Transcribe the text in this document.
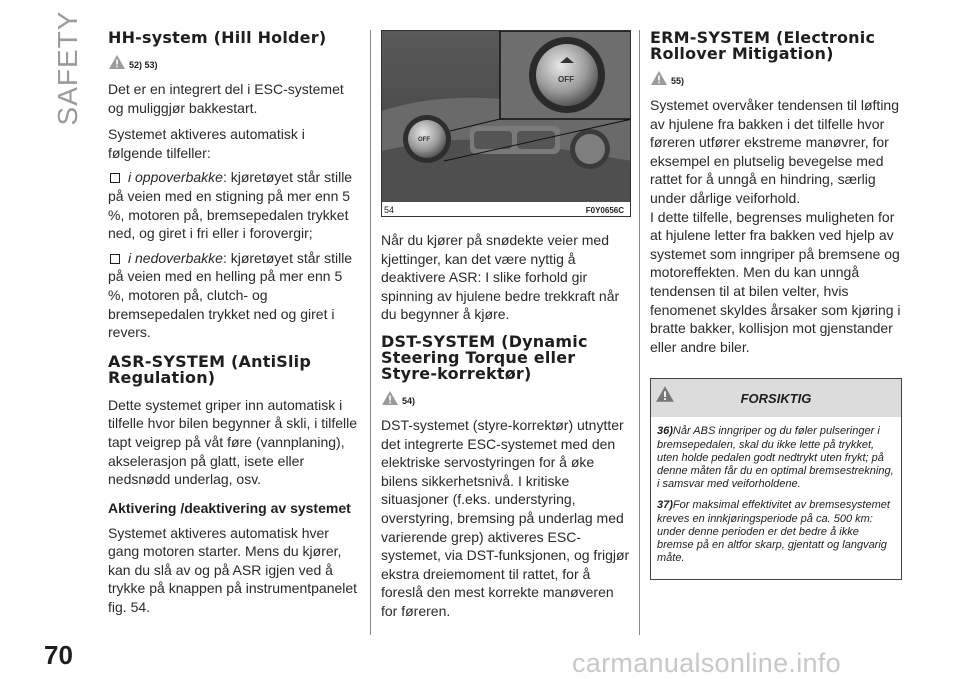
SAFETY
70	carmanualsonline.info
HH-system (Hill Holder)
52) 53)

Det er en integrert del i ESC-systemet og muliggjør bakkestart.

Systemet aktiveres automatisk i følgende tilfeller:

i oppoverbakke: kjøretøyet står stille på veien med en stigning på mer enn 5 %, motoren på, bremsepedalen trykket ned, og giret i fri eller i forovergir;

i nedoverbakke: kjøretøyet står stille på veien med en helling på mer enn 5 %, motoren på, clutch- og bremsepedalen trykket ned og giret i revers.

ASR-SYSTEM (AntiSlip
Regulation)

Dette systemet griper inn automatisk i tilfelle hvor bilen begynner å skli, i tilfelle tapt veigrep på våt føre (vannplaning), akselerasjon på glatt, isete eller nedsnødd underlag, osv.

Aktivering /deaktivering av systemet

Systemet aktiveres automatisk hver gang motoren starter. Mens du kjører, kan du slå av og på ASR igjen ved å trykke på knappen på instrumentpanelet fig. 54.

OFF
OFF
54	F0Y0656C

Når du kjører på snødekte veier med kjettinger, kan det være nyttig å deaktivere ASR: I slike forhold gir spinning av hjulene bedre trekkraft når du begynner å kjøre.

DST-SYSTEM (Dynamic
Steering Torque eller
Styre-korrektør)
54)

DST-systemet (styre-korrektør) utnytter det integrerte ESC-systemet med den elektriske servostyringen for å øke bilens sikkerhetsnivå. I kritiske situasjoner (f.eks. understyring, overstyring, bremsing på underlag med varierende grep) aktiveres ESC-systemet, via DST-funksjonen, og frigjør ekstra dreiemoment til rattet, for å foreslå den mest korrekte manøveren for føreren.

ERM-SYSTEM (Electronic
Rollover Mitigation)
55)

Systemet overvåker tendensen til løfting av hjulene fra bakken i det tilfelle hvor føreren utfører ekstreme manøvrer, for eksempel en plutselig bevegelse med rattet for å unngå en hindring, særlig under dårlige veiforhold.

I dette tilfelle, begrenses muligheten for at hjulene letter fra bakken ved hjelp av systemet som inngriper på bremsene og motoreffekten. Men du kan unngå tendensen til at bilen velter, hvis fenomenet skyldes årsaker som kjøring i bratte bakker, kollisjon mot gjenstander eller andre biler.

FORSIKTIG

36)Når ABS inngriper og du føler pulseringer i bremsepedalen, skal du ikke lette på trykket, uten holde pedalen godt nedtrykt uten frykt; på denne måten får du en optimal bremsestrekning, i samsvar med veiforholdene.

37)For maksimal effektivitet av bremsesystemet kreves en innkjøringsperiode på ca. 500 km: under denne perioden er det bedre å ikke bremse på en altfor skarp, gjentatt og langvarig måte.
